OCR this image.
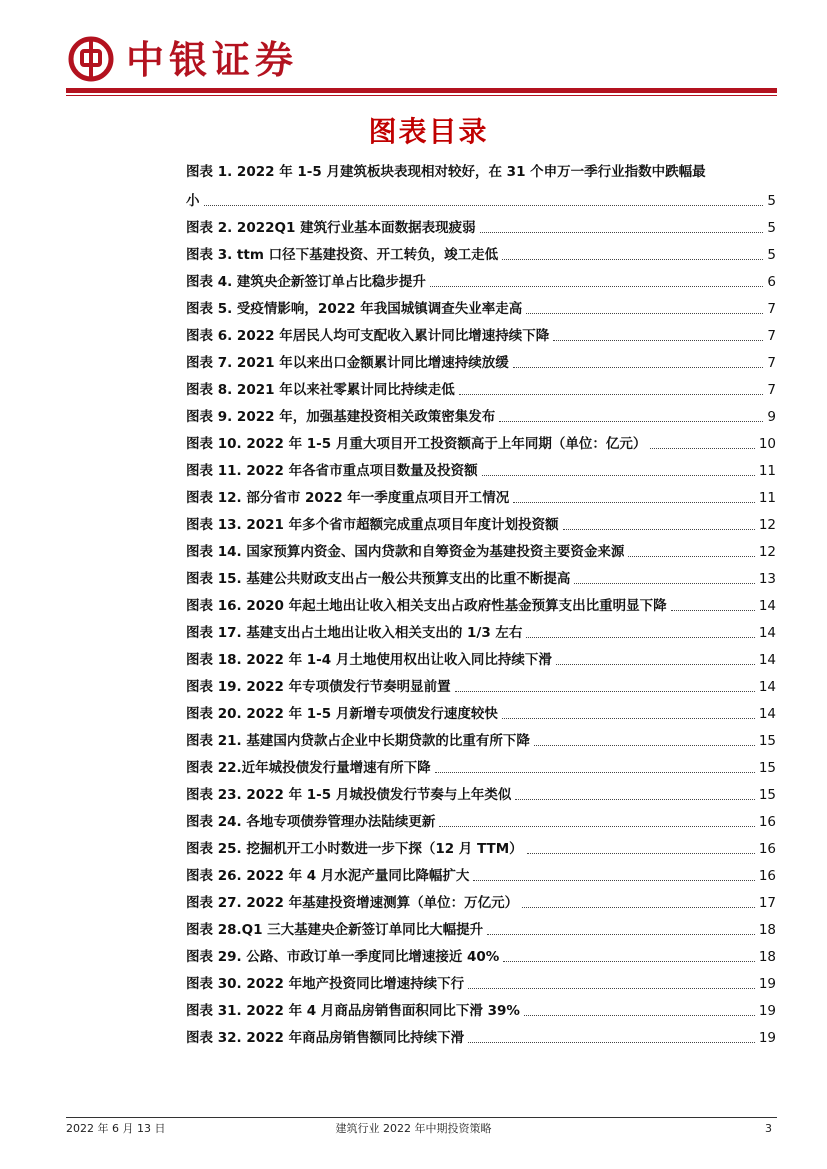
中银证券
图表目录
图表 1. 2022 年 1-5 月建筑板块表现相对较好，在 31 个申万一季行业指数中跌幅最
小	5
图表 2. 2022Q1 建筑行业基本面数据表现疲弱	5
图表 3. ttm 口径下基建投资、开工转负，竣工走低	5
图表 4. 建筑央企新签订单占比稳步提升	6
图表 5. 受疫情影响，2022 年我国城镇调查失业率走高	7
图表 6. 2022 年居民人均可支配收入累计同比增速持续下降	7
图表 7. 2021 年以来出口金额累计同比增速持续放缓	7
图表 8. 2021 年以来社零累计同比持续走低	7
图表 9. 2022 年，加强基建投资相关政策密集发布	9
图表 10. 2022 年 1-5 月重大项目开工投资额高于上年同期（单位：亿元）	10
图表 11. 2022 年各省市重点项目数量及投资额	11
图表 12. 部分省市 2022 年一季度重点项目开工情况	11
图表 13. 2021 年多个省市超额完成重点项目年度计划投资额	12
图表 14. 国家预算内资金、国内贷款和自筹资金为基建投资主要资金来源	12
图表 15. 基建公共财政支出占一般公共预算支出的比重不断提高	13
图表 16. 2020 年起土地出让收入相关支出占政府性基金预算支出比重明显下降	14
图表 17. 基建支出占土地出让收入相关支出的 1/3 左右	14
图表 18. 2022 年 1-4 月土地使用权出让收入同比持续下滑	14
图表 19. 2022 年专项债发行节奏明显前置	14
图表 20. 2022 年 1-5 月新增专项债发行速度较快	14
图表 21. 基建国内贷款占企业中长期贷款的比重有所下降	15
图表 22.近年城投债发行量增速有所下降	15
图表 23. 2022 年 1-5 月城投债发行节奏与上年类似	15
图表 24. 各地专项债券管理办法陆续更新	16
图表 25. 挖掘机开工小时数进一步下探（12 月 TTM）	16
图表 26. 2022 年 4 月水泥产量同比降幅扩大	16
图表 27. 2022 年基建投资增速测算（单位：万亿元）	17
图表 28.Q1 三大基建央企新签订单同比大幅提升	18
图表 29. 公路、市政订单一季度同比增速接近 40%	18
图表 30. 2022 年地产投资同比增速持续下行	19
图表 31. 2022 年 4 月商品房销售面积同比下滑 39%	19
图表 32. 2022 年商品房销售额同比持续下滑	19
2022 年 6 月 13 日	建筑行业 2022 年中期投资策略	3
